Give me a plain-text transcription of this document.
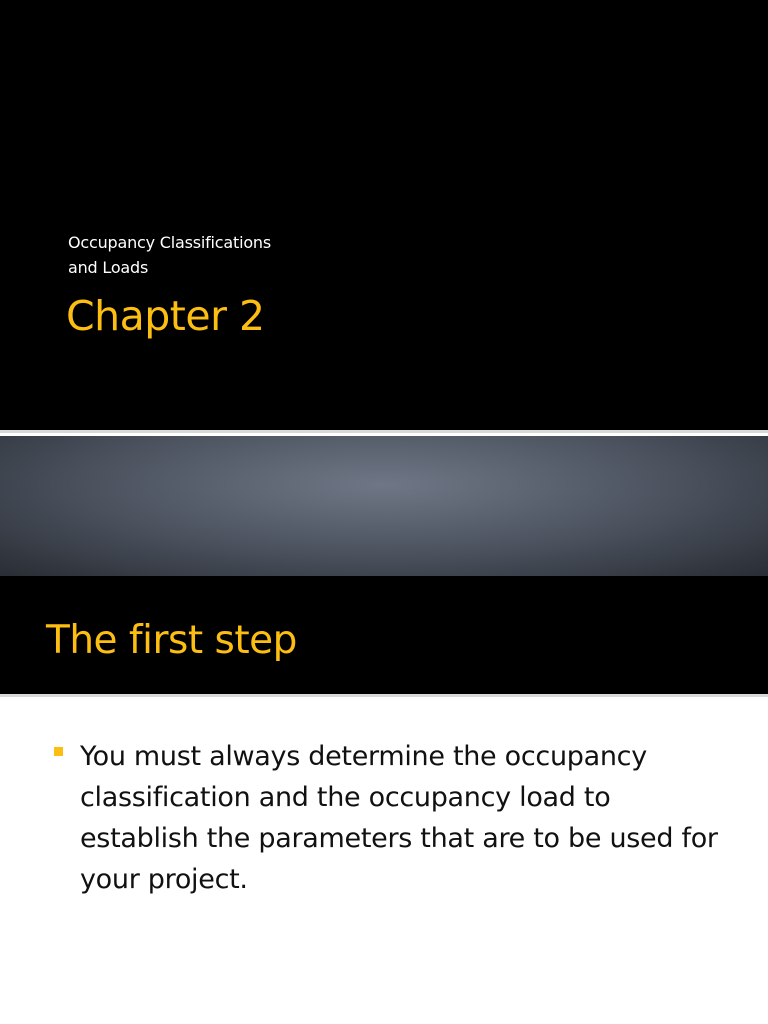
Occupancy Classifications
and Loads
Chapter 2
The first step
You must always determine the occupancy classification and the occupancy load to establish the parameters that are to be used for your project.
